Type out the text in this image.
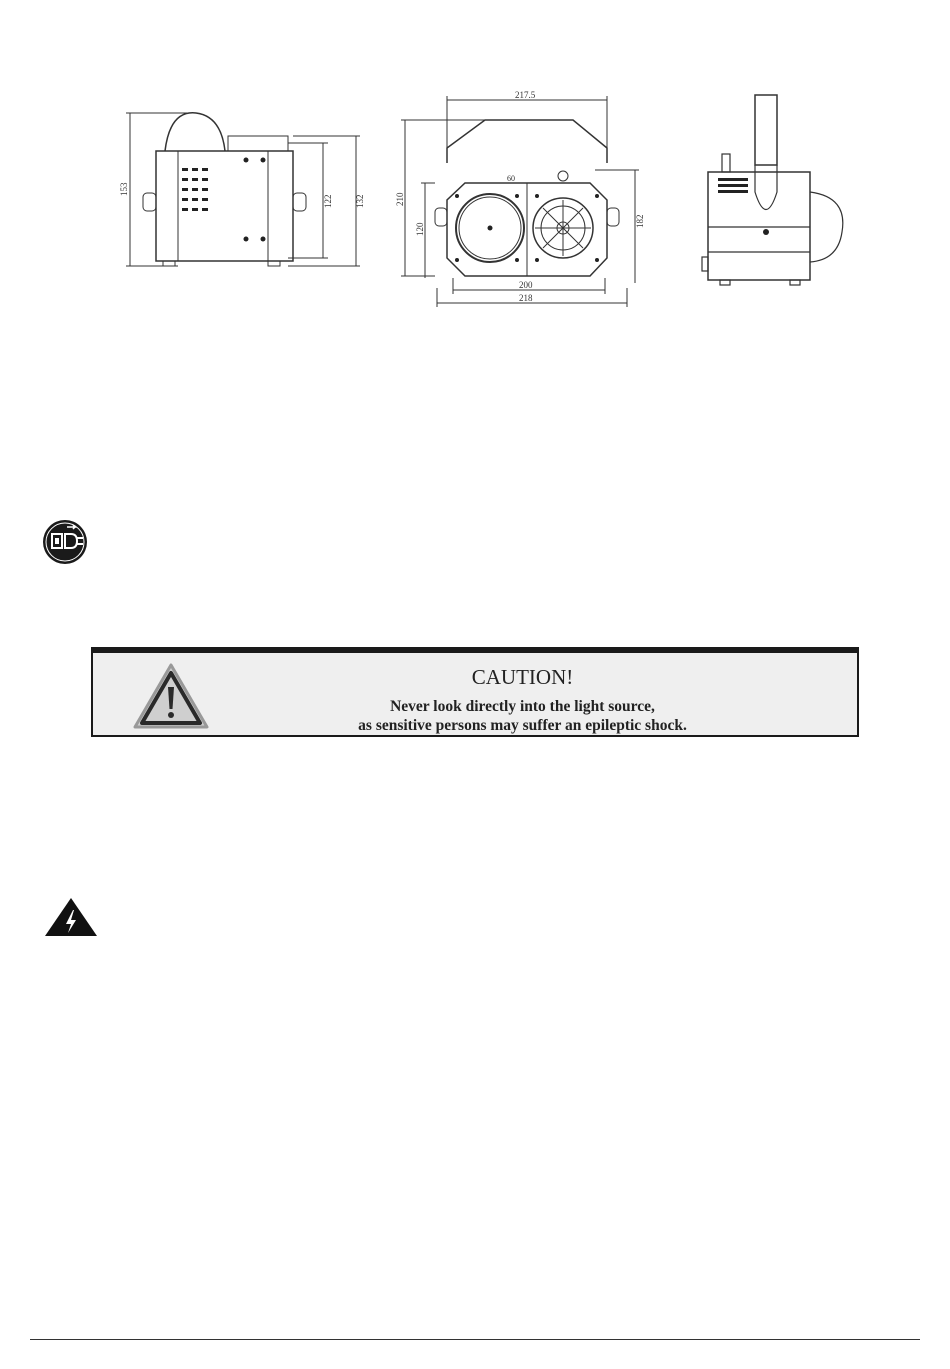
153
122 132
217.5
210
120
182
200
218
60
CAUTION!
Never look directly into the light source,
as sensitive persons may suffer an epileptic shock.
